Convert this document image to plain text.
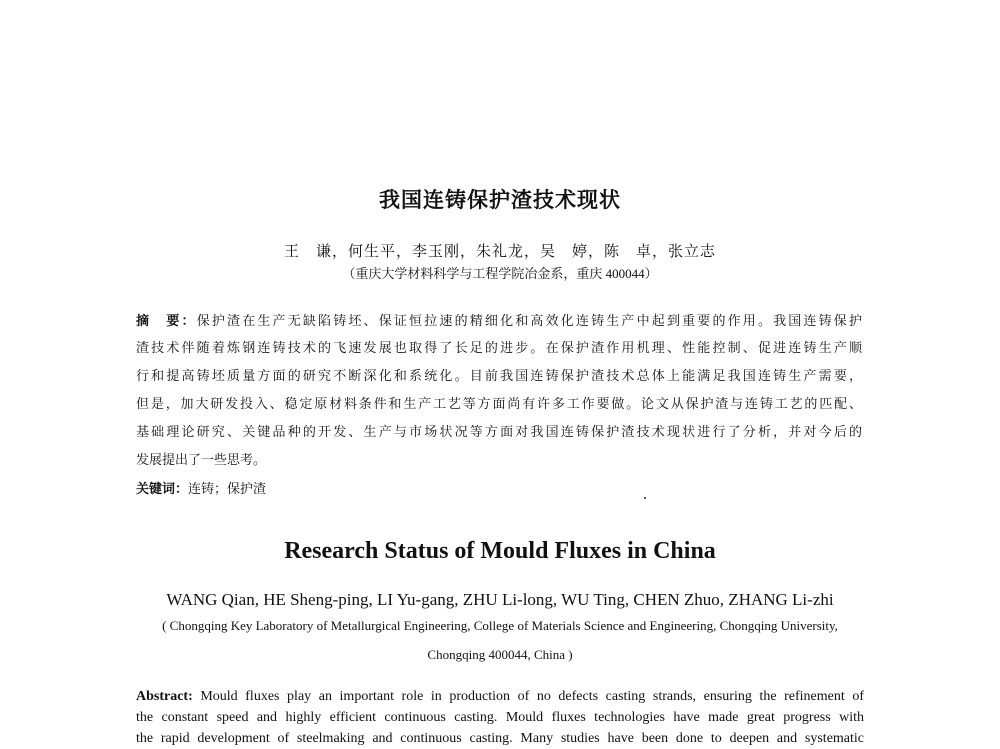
我国连铸保护渣技术现状
王　谦，何生平，李玉刚，朱礼龙，吴　婷，陈　卓，张立志
（重庆大学材料科学与工程学院冶金系，重庆 400044）
摘　要：保护渣在生产无缺陷铸坯、保证恒拉速的精细化和高效化连铸生产中起到重要的作用。我国连铸保护
渣技术伴随着炼钢连铸技术的飞速发展也取得了长足的进步。在保护渣作用机理、性能控制、促进连铸生产顺
行和提高铸坯质量方面的研究不断深化和系统化。目前我国连铸保护渣技术总体上能满足我国连铸生产需要，
但是，加大研发投入、稳定原材料条件和生产工艺等方面尚有许多工作要做。论文从保护渣与连铸工艺的匹配、
基础理论研究、关键品种的开发、生产与市场状况等方面对我国连铸保护渣技术现状进行了分析，并对今后的
发展提出了一些思考。
关键词：连铸；保护渣
Research Status of Mould Fluxes in China
WANG Qian, HE Sheng-ping, LI Yu-gang, ZHU Li-long, WU Ting, CHEN Zhuo, ZHANG Li-zhi
( Chongqing Key Laboratory of Metallurgical Engineering, College of Materials Science and Engineering, Chongqing University,
Chongqing 400044, China )
Abstract: Mould fluxes play an important role in production of no defects casting strands, ensuring the refinement of
the constant speed and highly efficient continuous casting. Mould fluxes technologies have made great progress with
the rapid development of steelmaking and continuous casting. Many studies have been done to deepen and systematic
